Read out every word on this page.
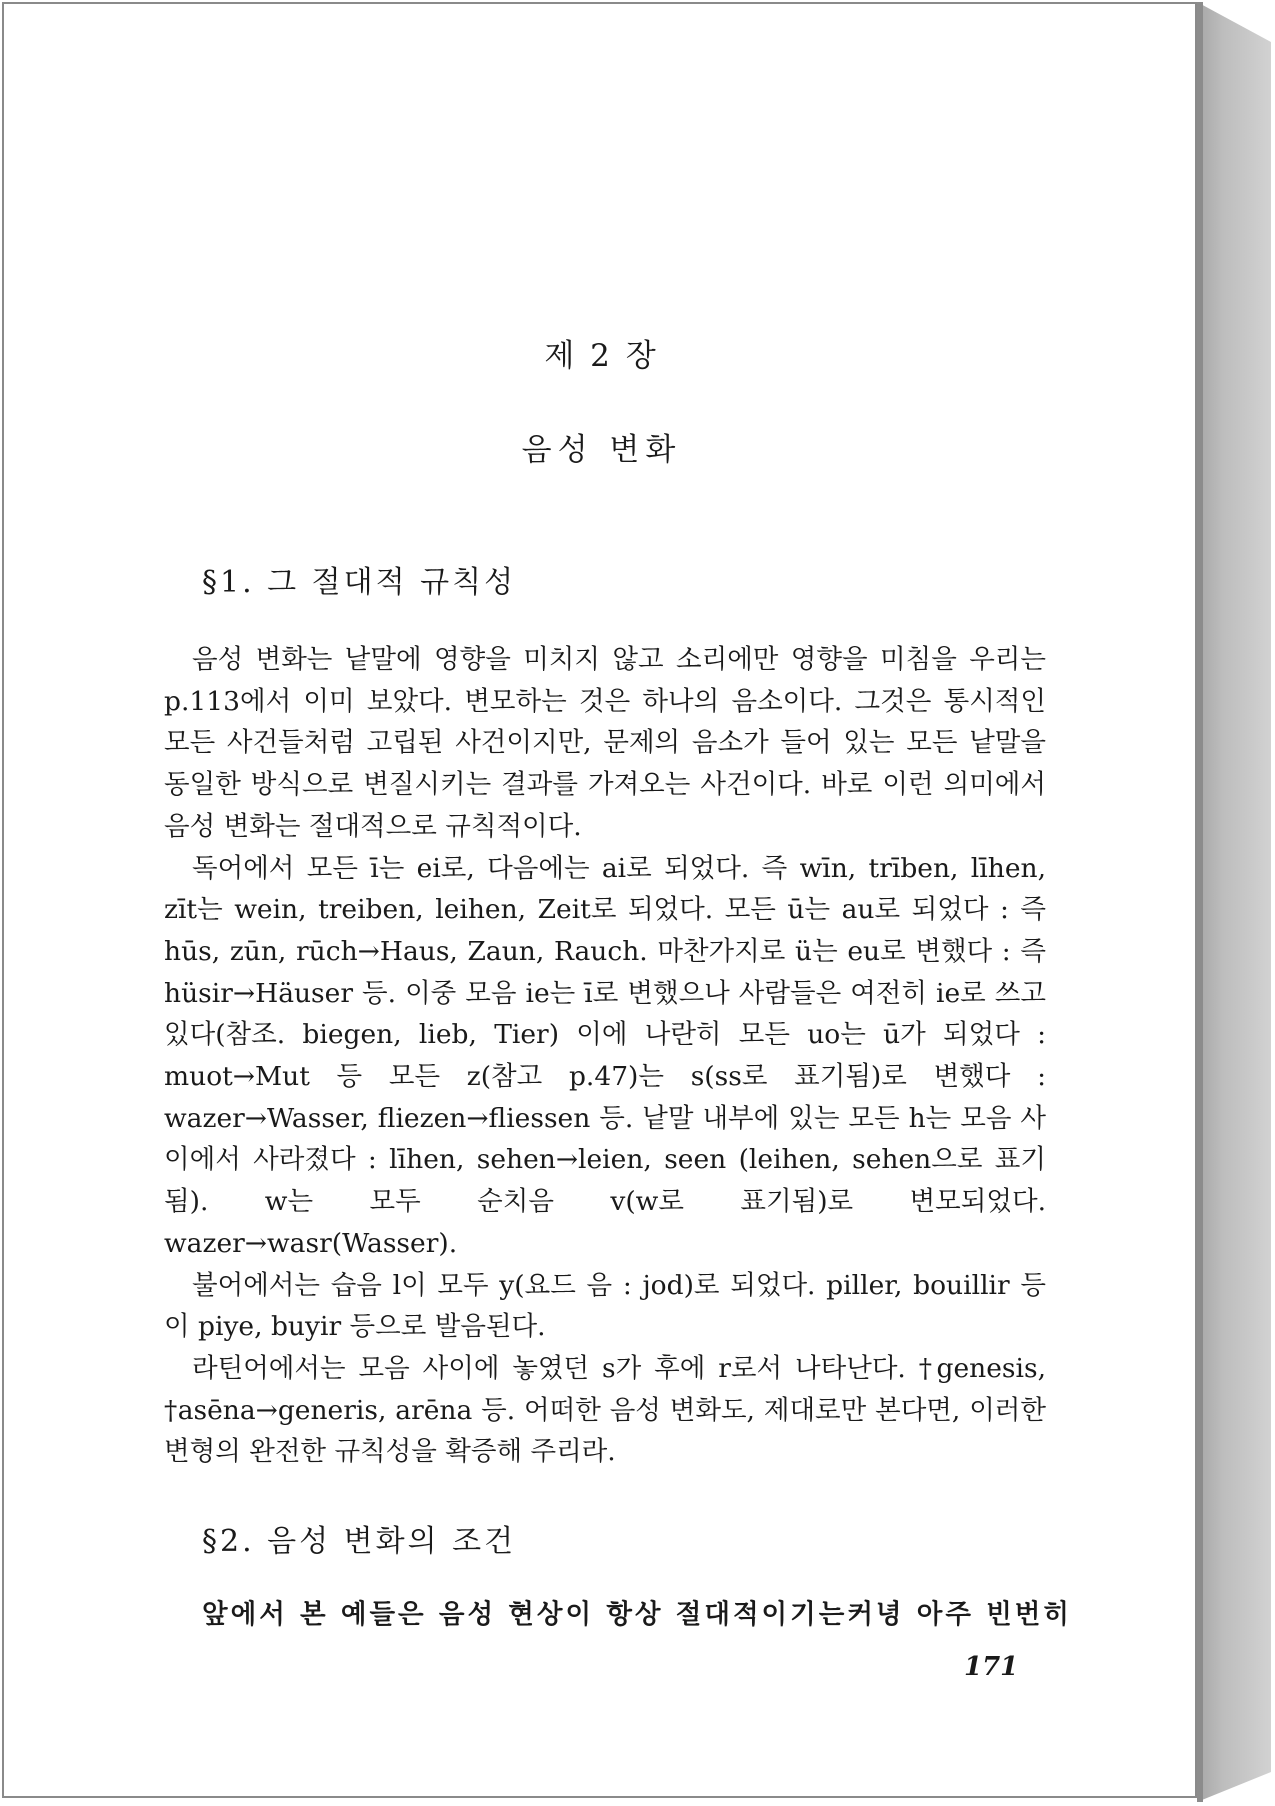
제 2 장
음성 변화
§1. 그 절대적 규칙성

음성 변화는 낱말에 영향을 미치지 않고 소리에만 영향을 미침을 우리는 p.113에서 이미 보았다. 변모하는 것은 하나의 음소이다. 그것은 통시적인 모든 사건들처럼 고립된 사건이지만, 문제의 음소가 들어 있는 모든 낱말을 동일한 방식으로 변질시키는 결과를 가져오는 사건이다. 바로 이런 의미에서 음성 변화는 절대적으로 규칙적이다.

독어에서 모든 ī는 ei로, 다음에는 ai로 되었다. 즉 wīn, trīben, līhen, zīt는 wein, treiben, leihen, Zeit로 되었다. 모든 ū는 au로 되었다 : 즉 hūs, zūn, rūch→Haus, Zaun, Rauch. 마찬가지로 ü는 eu로 변했다 : 즉 hüsir→Häuser 등. 이중 모음 ie는 ī로 변했으나 사람들은 여전히 ie로 쓰고 있다(참조. biegen, lieb, Tier) 이에 나란히 모든 uo는 ū가 되었다 : muot→Mut 등 모든 z(참고 p.47)는 s(ss로 표기됨)로 변했다 : wazer→Wasser, fliezen→fliessen 등. 낱말 내부에 있는 모든 h는 모음 사이에서 사라졌다 : līhen, sehen→leien, seen (leihen, sehen으로 표기됨). w는 모두 순치음 v(w로 표기됨)로 변모되었다. wazer→wasr(Wasser).

불어에서는 습음 l이 모두 y(요드 음 : jod)로 되었다. piller, bouillir 등이 piye, buyir 등으로 발음된다.

라틴어에서는 모음 사이에 놓였던 s가 후에 r로서 나타난다. †genesis, †asēna→generis, arēna 등. 어떠한 음성 변화도, 제대로만 본다면, 이러한 변형의 완전한 규칙성을 확증해 주리라.

§2. 음성 변화의 조건
앞에서 본 예들은 음성 현상이 항상 절대적이기는커녕 아주 빈번히
171
